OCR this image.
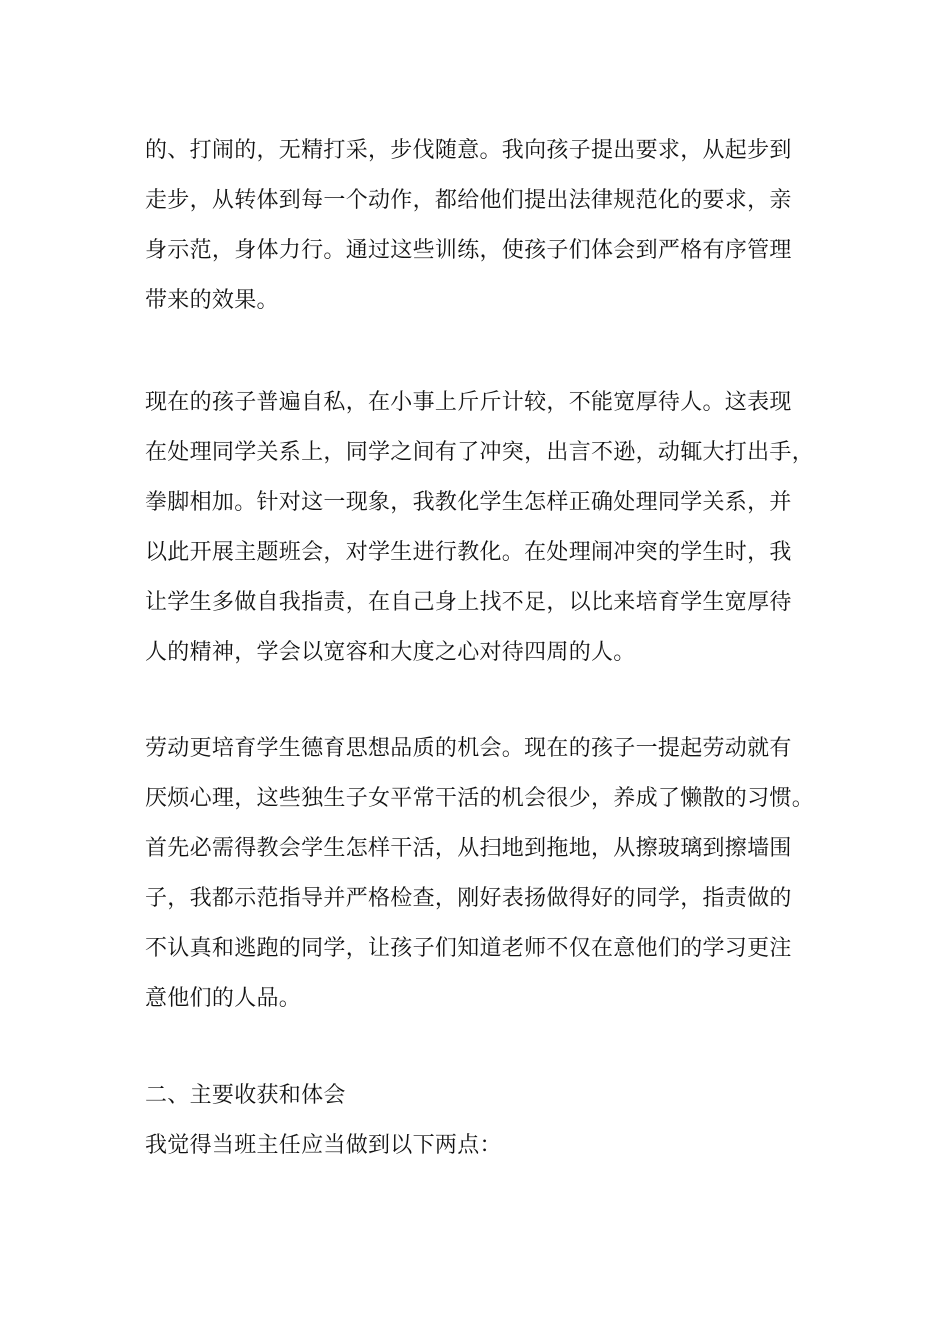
的、打闹的，无精打采，步伐随意。我向孩子提出要求，从起步到
走步，从转体到每一个动作，都给他们提出法律规范化的要求，亲
身示范，身体力行。通过这些训练，使孩子们体会到严格有序管理
带来的效果。
现在的孩子普遍自私，在小事上斤斤计较，不能宽厚待人。这表现
在处理同学关系上，同学之间有了冲突，出言不逊，动辄大打出手，
拳脚相加。针对这一现象，我教化学生怎样正确处理同学关系，并
以此开展主题班会，对学生进行教化。在处理闹冲突的学生时，我
让学生多做自我指责，在自己身上找不足，以比来培育学生宽厚待
人的精神，学会以宽容和大度之心对待四周的人。
劳动更培育学生德育思想品质的机会。现在的孩子一提起劳动就有
厌烦心理，这些独生子女平常干活的机会很少，养成了懒散的习惯。
首先必需得教会学生怎样干活，从扫地到拖地，从擦玻璃到擦墙围
子，我都示范指导并严格检查，刚好表扬做得好的同学，指责做的
不认真和逃跑的同学，让孩子们知道老师不仅在意他们的学习更注
意他们的人品。
二、主要收获和体会
我觉得当班主任应当做到以下两点：
